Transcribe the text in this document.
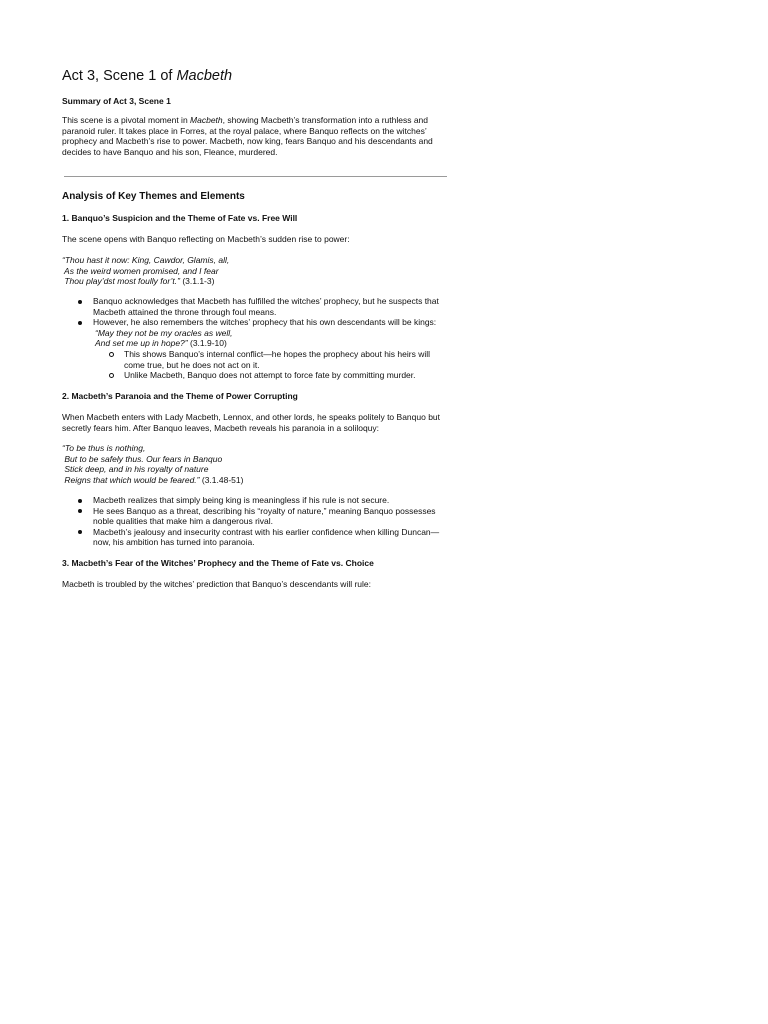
Act 3, Scene 1 of Macbeth
Summary of Act 3, Scene 1

This scene is a pivotal moment in Macbeth, showing Macbeth’s transformation into a ruthless and paranoid ruler. It takes place in Forres, at the royal palace, where Banquo reflects on the witches’ prophecy and Macbeth’s rise to power. Macbeth, now king, fears Banquo and his descendants and decides to have Banquo and his son, Fleance, murdered.

Analysis of Key Themes and Elements
1. Banquo’s Suspicion and the Theme of Fate vs. Free Will

The scene opens with Banquo reflecting on Macbeth’s sudden rise to power:

“Thou hast it now: King, Cawdor, Glamis, all,
As the weird women promised, and I fear
Thou play’dst most foully for’t.” (3.1.1-3)

Banquo acknowledges that Macbeth has fulfilled the witches’ prophecy, but he suspects that Macbeth attained the throne through foul means.
However, he also remembers the witches’ prophecy that his own descendants will be kings:
“May they not be my oracles as well,
And set me up in hope?” (3.1.9-10)
This shows Banquo’s internal conflict—he hopes the prophecy about his heirs will come true, but he does not act on it.
Unlike Macbeth, Banquo does not attempt to force fate by committing murder.
2. Macbeth’s Paranoia and the Theme of Power Corrupting

When Macbeth enters with Lady Macbeth, Lennox, and other lords, he speaks politely to Banquo but secretly fears him. After Banquo leaves, Macbeth reveals his paranoia in a soliloquy:

“To be thus is nothing,
But to be safely thus. Our fears in Banquo
Stick deep, and in his royalty of nature
Reigns that which would be feared.” (3.1.48-51)

Macbeth realizes that simply being king is meaningless if his rule is not secure.
He sees Banquo as a threat, describing his “royalty of nature,” meaning Banquo possesses noble qualities that make him a dangerous rival.
Macbeth’s jealousy and insecurity contrast with his earlier confidence when killing Duncan—now, his ambition has turned into paranoia.
3. Macbeth’s Fear of the Witches’ Prophecy and the Theme of Fate vs. Choice

Macbeth is troubled by the witches’ prediction that Banquo’s descendants will rule:
